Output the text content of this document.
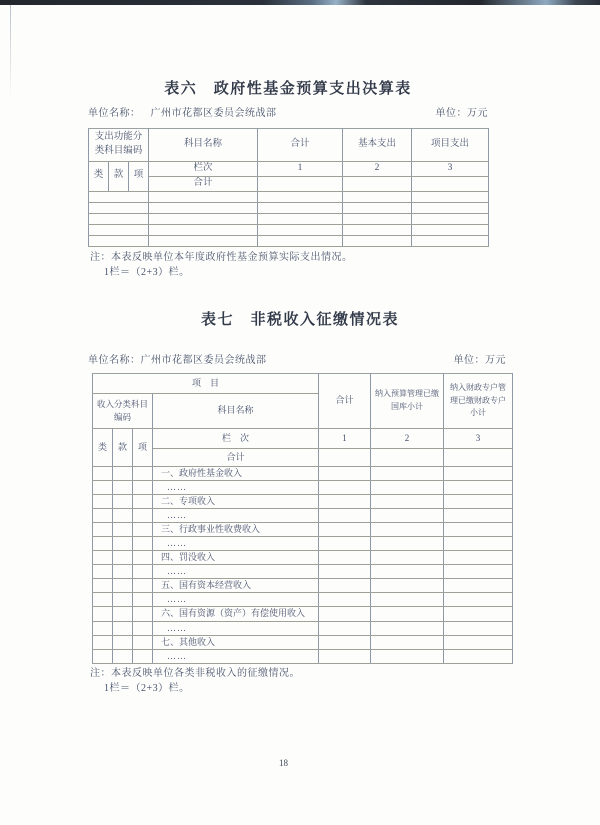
表六　政府性基金预算支出决算表
单位名称： 广州市花都区委员会统战部	单位：万元
支出功能分类科目编码			科目名称	合计	基本支出	项目支出
类	款	项	栏次	1	2	3
			合计			

注：本表反映单位本年度政府性基金预算实际支出情况。
1栏＝（2+3）栏。
表七　非税收入征缴情况表
单位名称： 广州市花都区委员会统战部	单位：万元
项　目				合计	纳入预算管理已缴国库小计	纳入财政专户管理已缴财政专户小计
收入分类科目编码			科目名称			
类	款	项	栏　次	1	2	3
			合计			
			一、政府性基金收入			
			……			
			二、专项收入			
			……			
			三、行政事业性收费收入			
			……			
			四、罚没收入			
			……			
			五、国有资本经营收入			
			……			
			六、国有资源（资产）有偿使用收入			
			……			
			七、其他收入			
			……			
注：本表反映单位各类非税收入的征缴情况。
1栏＝（2+3）栏。
18
